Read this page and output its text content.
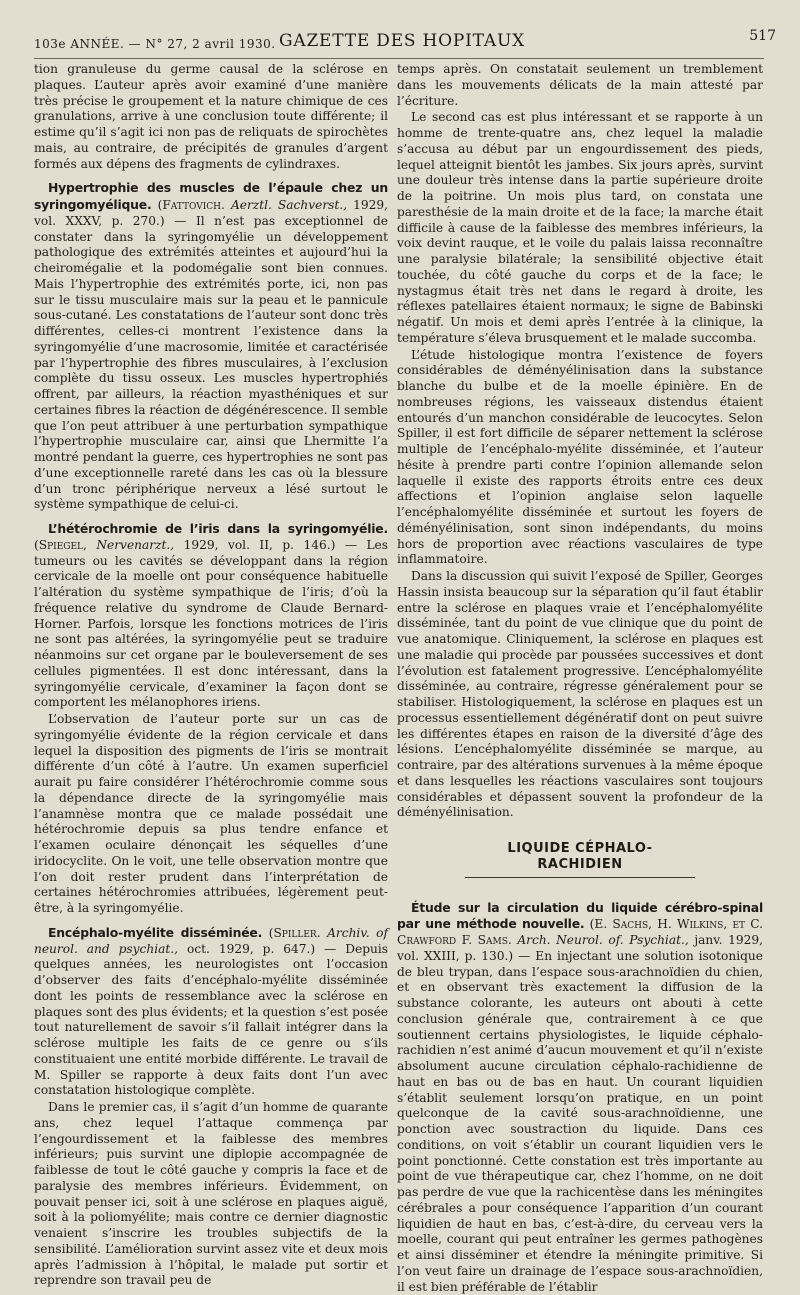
103e ANNÉE. — N° 27, 2 avril 1930. GAZETTE DES HOPITAUX	517

tion granuleuse du germe causal de la sclérose en plaques. L’auteur après avoir examiné d’une manière très précise le groupement et la nature chimique de ces granulations, arrive à une conclusion toute différente; il estime qu’il s’agit ici non pas de reliquats de spirochètes mais, au contraire, de précipités de granules d’argent formés aux dépens des fragments de cylindraxes.

Hypertrophie des muscles de l’épaule chez un syringomyélique. (Fattovich. Aerztl. Sachverst., 1929, vol. XXXV, p. 270.) — Il n’est pas exceptionnel de constater dans la syringomyélie un développement pathologique des extrémités atteintes et aujourd’hui la cheiromégalie et la podomégalie sont bien connues. Mais l’hypertrophie des extrémités porte, ici, non pas sur le tissu musculaire mais sur la peau et le pannicule sous-cutané. Les constatations de l’auteur sont donc très différentes, celles-ci montrent l’existence dans la syringomyélie d’une macrosomie, limitée et caractérisée par l’hypertrophie des fibres musculaires, à l’exclusion complète du tissu osseux. Les muscles hypertrophiés offrent, par ailleurs, la réaction myasthéniques et sur certaines fibres la réaction de dégénérescence. Il semble que l’on peut attribuer à une perturbation sympathique l’hypertrophie musculaire car, ainsi que Lhermitte l’a montré pendant la guerre, ces hypertrophies ne sont pas d’une exceptionnelle rareté dans les cas où la blessure d’un tronc périphérique nerveux a lésé surtout le système sympathique de celui-ci.

L’hétérochromie de l’iris dans la syringomyélie. (Spiegel, Nervenarzt., 1929, vol. II, p. 146.) — Les tumeurs ou les cavités se développant dans la région cervicale de la moelle ont pour conséquence habituelle l’altération du système sympathique de l’iris; d’où la fréquence relative du syndrome de Claude Bernard-Horner. Parfois, lorsque les fonctions motrices de l’iris ne sont pas altérées, la syringomyélie peut se traduire néanmoins sur cet organe par le bouleversement de ses cellules pigmentées. Il est donc intéressant, dans la syringomyélie cervicale, d’examiner la façon dont se comportent les mélanophores iriens.

L’observation de l’auteur porte sur un cas de syringomyélie évidente de la région cervicale et dans lequel la disposition des pigments de l’iris se montrait différente d’un côté à l’autre. Un examen superficiel aurait pu faire considérer l’hétérochromie comme sous la dépendance directe de la syringomyélie mais l’anamnèse montra que ce malade possédait une hétérochromie depuis sa plus tendre enfance et l’examen oculaire dénonçait les séquelles d’une iridocyclite. On le voit, une telle observation montre que l’on doit rester prudent dans l’interprétation de certaines hétérochromies attribuées, légèrement peut-être, à la syringomyélie.

Encéphalo-myélite disséminée. (Spiller. Archiv. of neurol. and psychiat., oct. 1929, p. 647.) — Depuis quelques années, les neurologistes ont l’occasion d’observer des faits d’encéphalo-myélite disséminée dont les points de ressemblance avec la sclérose en plaques sont des plus évidents; et la question s’est posée tout naturellement de savoir s’il fallait intégrer dans la sclérose multiple les faits de ce genre ou s’ils constituaient une entité morbide différente. Le travail de M. Spiller se rapporte à deux faits dont l’un avec constatation histologique complète.

Dans le premier cas, il s’agit d’un homme de quarante ans, chez lequel l’attaque commença par l’engourdissement et la faiblesse des membres inférieurs; puis survint une diplopie accompagnée de faiblesse de tout le côté gauche y compris la face et de paralysie des membres inférieurs. Évidemment, on pouvait penser ici, soit à une sclérose en plaques aiguë, soit à la poliomyélite; mais contre ce dernier diagnostic venaient s’inscrire les troubles subjectifs de la sensibilité. L’amélioration survint assez vite et deux mois après l’admission à l’hôpital, le malade put sortir et reprendre son travail peu de

temps après. On constatait seulement un tremblement dans les mouvements délicats de la main attesté par l’écriture.

Le second cas est plus intéressant et se rapporte à un homme de trente-quatre ans, chez lequel la maladie s’accusa au début par un engourdissement des pieds, lequel atteignit bientôt les jambes. Six jours après, survint une douleur très intense dans la partie supérieure droite de la poitrine. Un mois plus tard, on constata une paresthésie de la main droite et de la face; la marche était difficile à cause de la faiblesse des membres inférieurs, la voix devint rauque, et le voile du palais laissa reconnaître une paralysie bilatérale; la sensibilité objective était touchée, du côté gauche du corps et de la face; le nystagmus était très net dans le regard à droite, les réflexes patellaires étaient normaux; le signe de Babinski négatif. Un mois et demi après l’entrée à la clinique, la température s’éleva brusquement et le malade succomba.

L’étude histologique montra l’existence de foyers considérables de déményélinisation dans la substance blanche du bulbe et de la moelle épinière. En de nombreuses régions, les vaisseaux distendus étaient entourés d’un manchon considérable de leucocytes. Selon Spiller, il est fort difficile de séparer nettement la sclérose multiple de l’encéphalo-myélite disséminée, et l’auteur hésite à prendre parti contre l’opinion allemande selon laquelle il existe des rapports étroits entre ces deux affections et l’opinion anglaise selon laquelle l’encéphalomyélite disséminée et surtout les foyers de déményélinisation, sont sinon indépendants, du moins hors de proportion avec réactions vasculaires de type inflammatoire.

Dans la discussion qui suivit l’exposé de Spiller, Georges Hassin insista beaucoup sur la séparation qu’il faut établir entre la sclérose en plaques vraie et l’encéphalomyélite disséminée, tant du point de vue clinique que du point de vue anatomique. Cliniquement, la sclérose en plaques est une maladie qui procède par poussées successives et dont l’évolution est fatalement progressive. L’encéphalomyélite disséminée, au contraire, régresse généralement pour se stabiliser. Histologiquement, la sclérose en plaques est un processus essentiellement dégénératif dont on peut suivre les différentes étapes en raison de la diversité d’âge des lésions. L’encéphalomyélite disséminée se marque, au contraire, par des altérations survenues à la même époque et dans lesquelles les réactions vasculaires sont toujours considérables et dépassent souvent la profondeur de la déményélinisation.

LIQUIDE CÉPHALO-RACHIDIEN

Étude sur la circulation du liquide cérébro-spinal par une méthode nouvelle. (E. Sachs, H. Wilkins, et C. Crawford F. Sams. Arch. Neurol. of. Psychiat., janv. 1929, vol. XXIII, p. 130.) — En injectant une solution isotonique de bleu trypan, dans l’espace sous-arachnoïdien du chien, et en observant très exactement la diffusion de la substance colorante, les auteurs ont abouti à cette conclusion générale que, contrairement à ce que soutiennent certains physiologistes, le liquide céphalo-rachidien n’est animé d’aucun mouvement et qu’il n’existe absolument aucune circulation céphalo-rachidienne de haut en bas ou de bas en haut. Un courant liquidien s’établit seulement lorsqu’on pratique, en un point quelconque de la cavité sous-arachnoïdienne, une ponction avec soustraction du liquide. Dans ces conditions, on voit s’établir un courant liquidien vers le point ponctionné. Cette constation est très importante au point de vue thérapeutique car, chez l’homme, on ne doit pas perdre de vue que la rachicentèse dans les méningites cérébrales a pour conséquence l’apparition d’un courant liquidien de haut en bas, c’est-à-dire, du cerveau vers la moelle, courant qui peut entraîner les germes pathogènes et ainsi disséminer et étendre la méningite primitive. Si l’on veut faire un drainage de l’espace sous-arachnoïdien, il est bien préférable de l’établir
